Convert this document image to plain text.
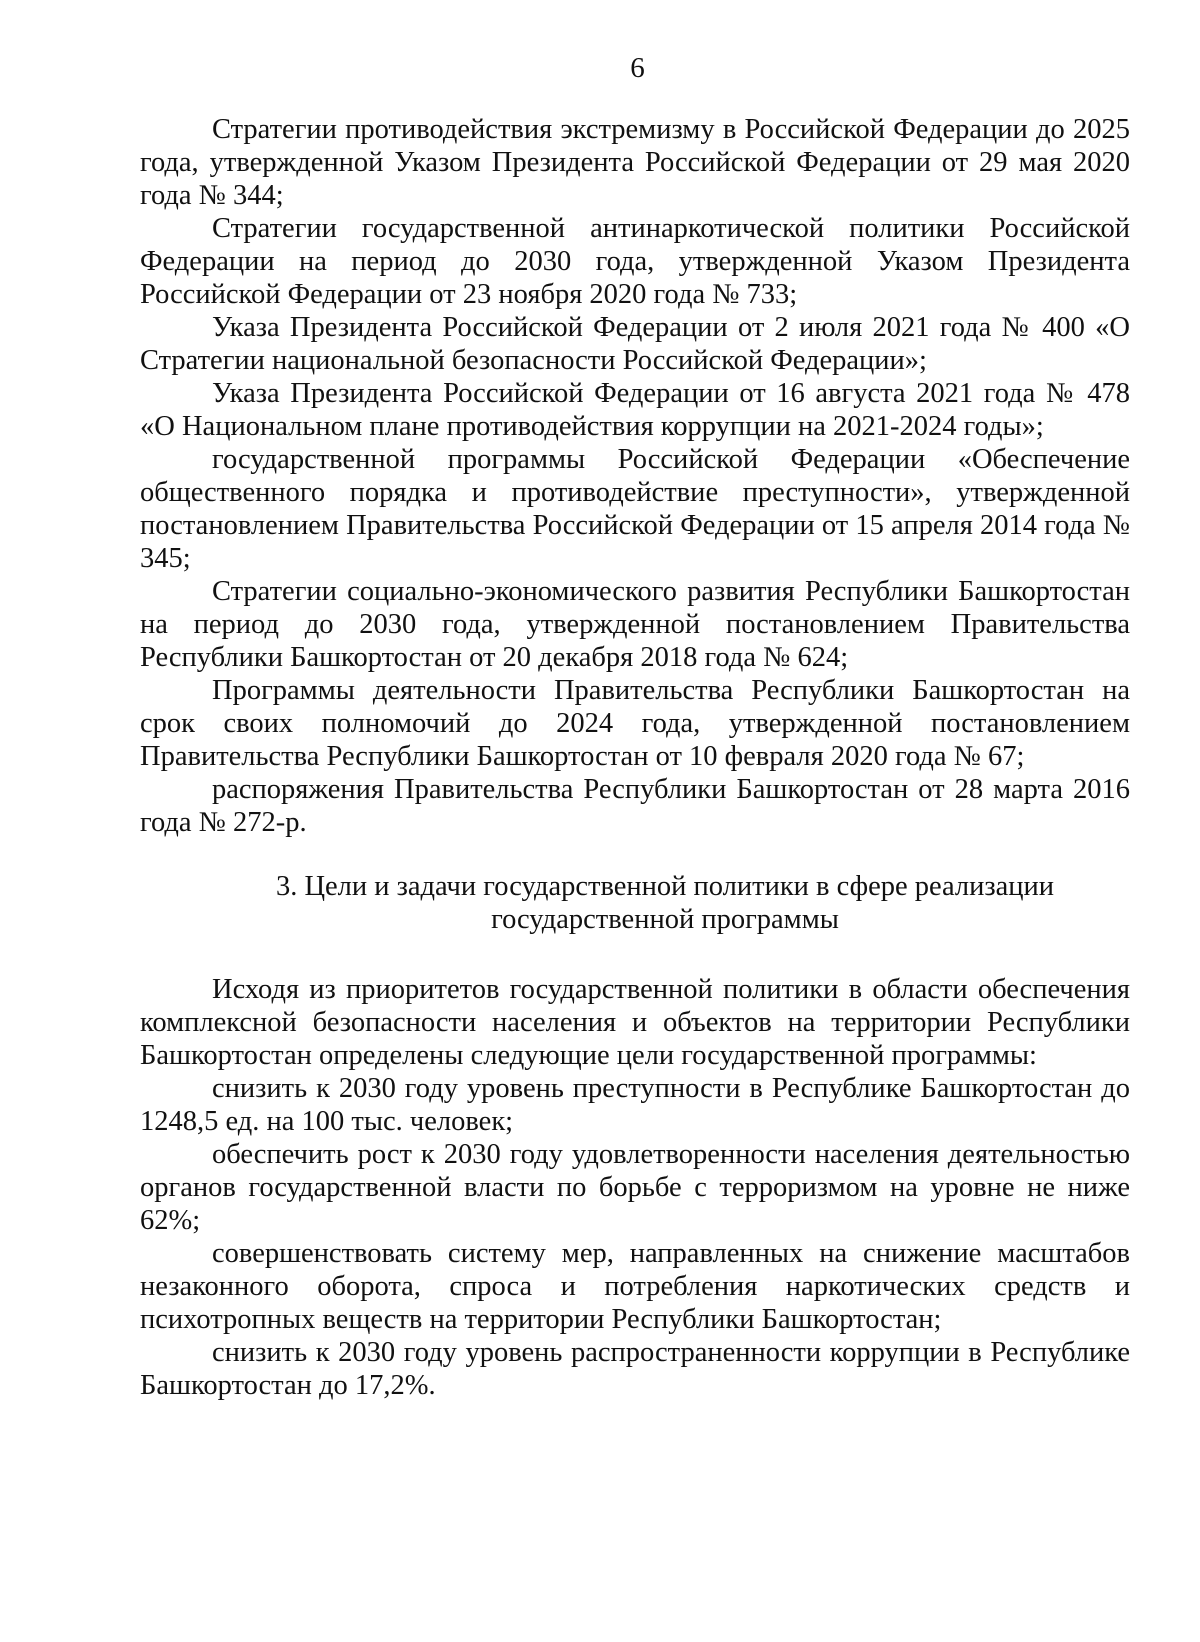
6

Стратегии противодействия экстремизму в Российской Федерации до 2025 года, утвержденной Указом Президента Российской Федерации от 29 мая 2020 года № 344;

Стратегии государственной антинаркотической политики Российской Федерации на период до 2030 года, утвержденной Указом Президента Российской Федерации от 23 ноября 2020 года № 733;

Указа Президента Российской Федерации от 2 июля 2021 года № 400 «О Стратегии национальной безопасности Российской Федерации»;

Указа Президента Российской Федерации от 16 августа 2021 года № 478 «О Национальном плане противодействия коррупции на 2021-2024 годы»;

государственной программы Российской Федерации «Обеспечение общественного порядка и противодействие преступности», утвержденной постановлением Правительства Российской Федерации от 15 апреля 2014 года № 345;

Стратегии социально-экономического развития Республики Башкортостан на период до 2030 года, утвержденной постановлением Правительства Республики Башкортостан от 20 декабря 2018 года № 624;

Программы деятельности Правительства Республики Башкортостан на срок своих полномочий до 2024 года, утвержденной постановлением Правительства Республики Башкортостан от 10 февраля 2020 года № 67;

распоряжения Правительства Республики Башкортостан от 28 марта 2016 года № 272-р.

3. Цели и задачи государственной политики в сфере реализации
государственной программы

Исходя из приоритетов государственной политики в области обеспечения комплексной безопасности населения и объектов на территории Республики Башкортостан определены следующие цели государственной программы:

снизить к 2030 году уровень преступности в Республике Башкортостан до 1248,5 ед. на 100 тыс. человек;

обеспечить рост к 2030 году удовлетворенности населения деятельностью органов государственной власти по борьбе с терроризмом на уровне не ниже 62%;

совершенствовать систему мер, направленных на снижение масштабов незаконного оборота, спроса и потребления наркотических средств и психотропных веществ на территории Республики Башкортостан;

снизить к 2030 году уровень распространенности коррупции в Республике Башкортостан до 17,2%.
